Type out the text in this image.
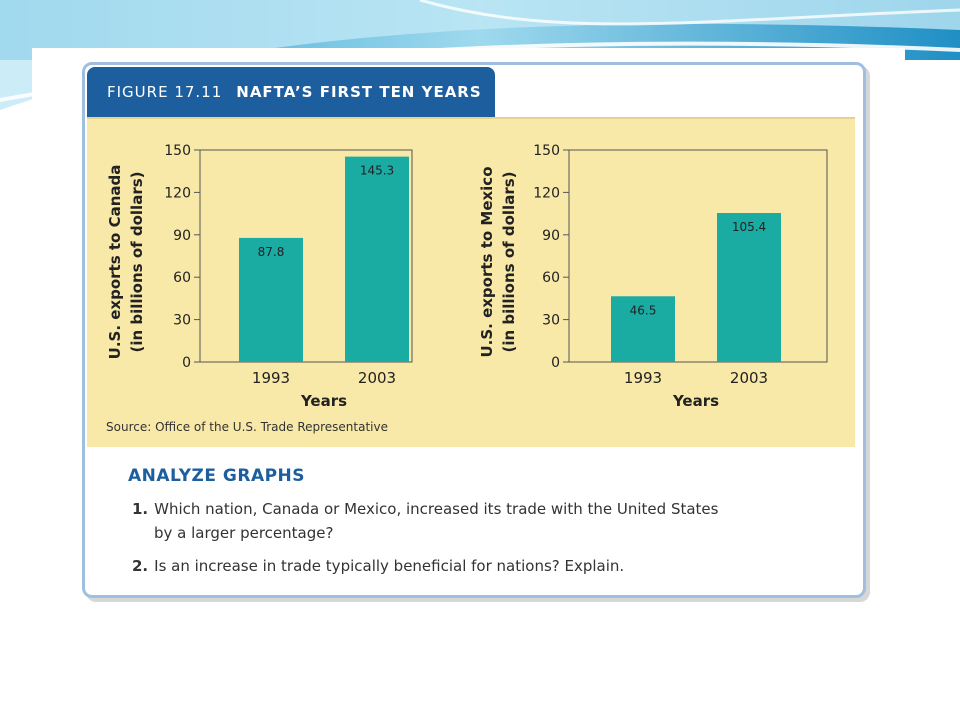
FIGURE 17.11 NAFTA’S FIRST TEN YEARS
0
30
60
90
120
150
87.8
1993
145.3
2003
Years
U.S. exports to Canada (in billions of dollars)
0
30
60
90
120
150
46.5
1993
105.4
2003
Years
U.S. exports to Mexico (in billions of dollars)
Source: Office of the U.S. Trade Representative
ANALYZE GRAPHS
1. Which nation, Canada or Mexico, increased its trade with the United States
by a larger percentage?
2. Is an increase in trade typically beneficial for nations? Explain.
